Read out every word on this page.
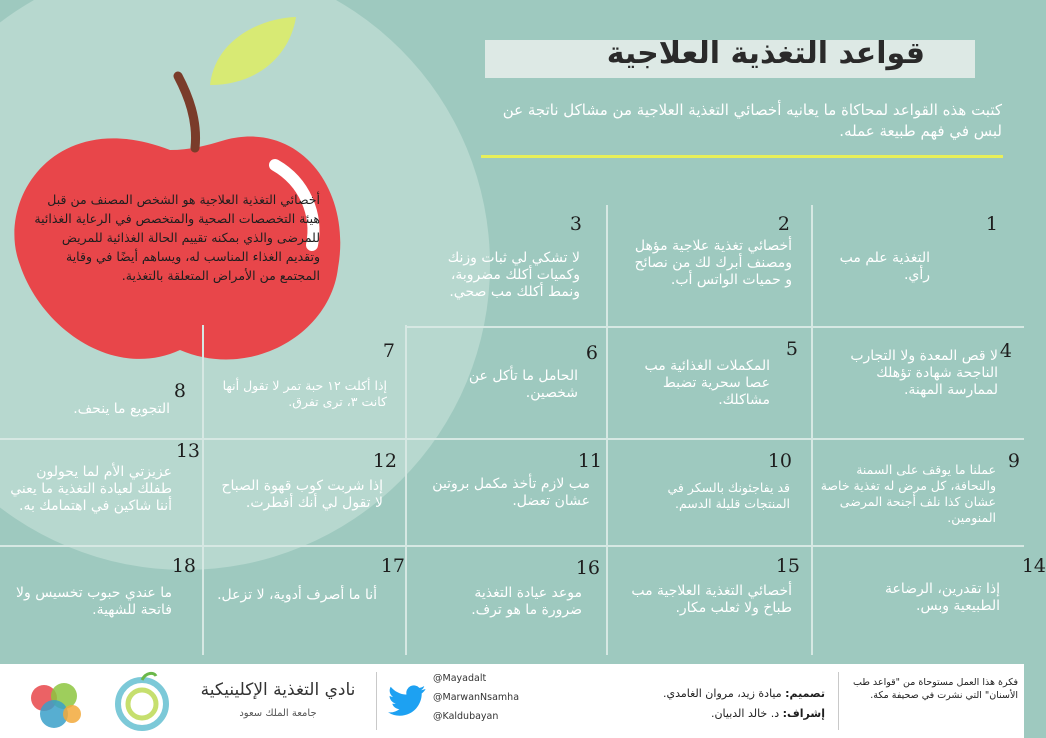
أخصائي التغذية العلاجية هو الشخص المصنف من قبل هيئة التخصصات الصحية والمتخصص في الرعاية الغذائية للمرضى والذي بمكنه تقييم الحالة الغذائية للمريض وتقديم الغذاء المناسب له، ويساهم أيضًا في وقاية المجتمع من الأمراض المتعلقة بالتغذية.
قواعد التغذية العلاجية
كتبت هذه القواعد لمحاكاة ما يعانيه أخصائي التغذية العلاجية من مشاكل ناتجة عن لبس في فهم طبيعة عمله.
1
التغذية علم مب رأي.
2
أخصائي تغذية علاجية مؤهل ومصنف أبرك لك من نصائح و حميات الواتس أب.
3
لا تشكي لي ثبات وزنك وكميات أكلك مضروبة، ونمط أكلك مب صحي.
4
لا قص المعدة ولا التجارب الناجحة شهادة تؤهلك لممارسة المهنة.
5
المكملات الغذائية مب عصا سحرية تضبط مشاكلك.
6
الحامل ما تأكل عن شخصين.
7
إذا أكلت ١٢ حبة تمر لا تقول أنها كانت ٣، ترى تفرق.
8
التجويع ما ينحف.
9
عملنا ما يوقف على السمنة والنحافة، كل مرض له تغذية خاصة عشان كذا نلف أجنحة المرضى المنومين.
10
قد يفاجئونك بالسكر في المنتجات قليلة الدسم.
11
مب لازم تأخذ مكمل بروتين عشان تعضل.
12
إذا شربت كوب قهوة الصباح لا تقول لي أنك أفطرت.
13
عزيزتي الأم لما يحولون طفلك لعيادة التغذية ما يعني أننا شاكين في اهتمامك به.
14
إذا تقدرين، الرضاعة الطبيعية وبس.
15
أخصائي التغذية العلاجية مب طباخ ولا ثعلب مكار.
16
موعد عيادة التغذية ضرورة ما هو ترف.
17
أنا ما أصرف أدوية، لا تزعل.
18
ما عندي حبوب تخسيس ولا فاتحة للشهية.
فكرة هذا العمل مستوحاة من "قواعد طب الأسنان" التي نشرت في صحيفة مكة.
تصميم: ميادة زيد، مروان الغامدي.
إشراف: د. خالد الدبيان.
@Mayadalt
@MarwanNsamha
@Kaldubayan
نادي التغذية الإكلينيكية
جامعة الملك سعود
